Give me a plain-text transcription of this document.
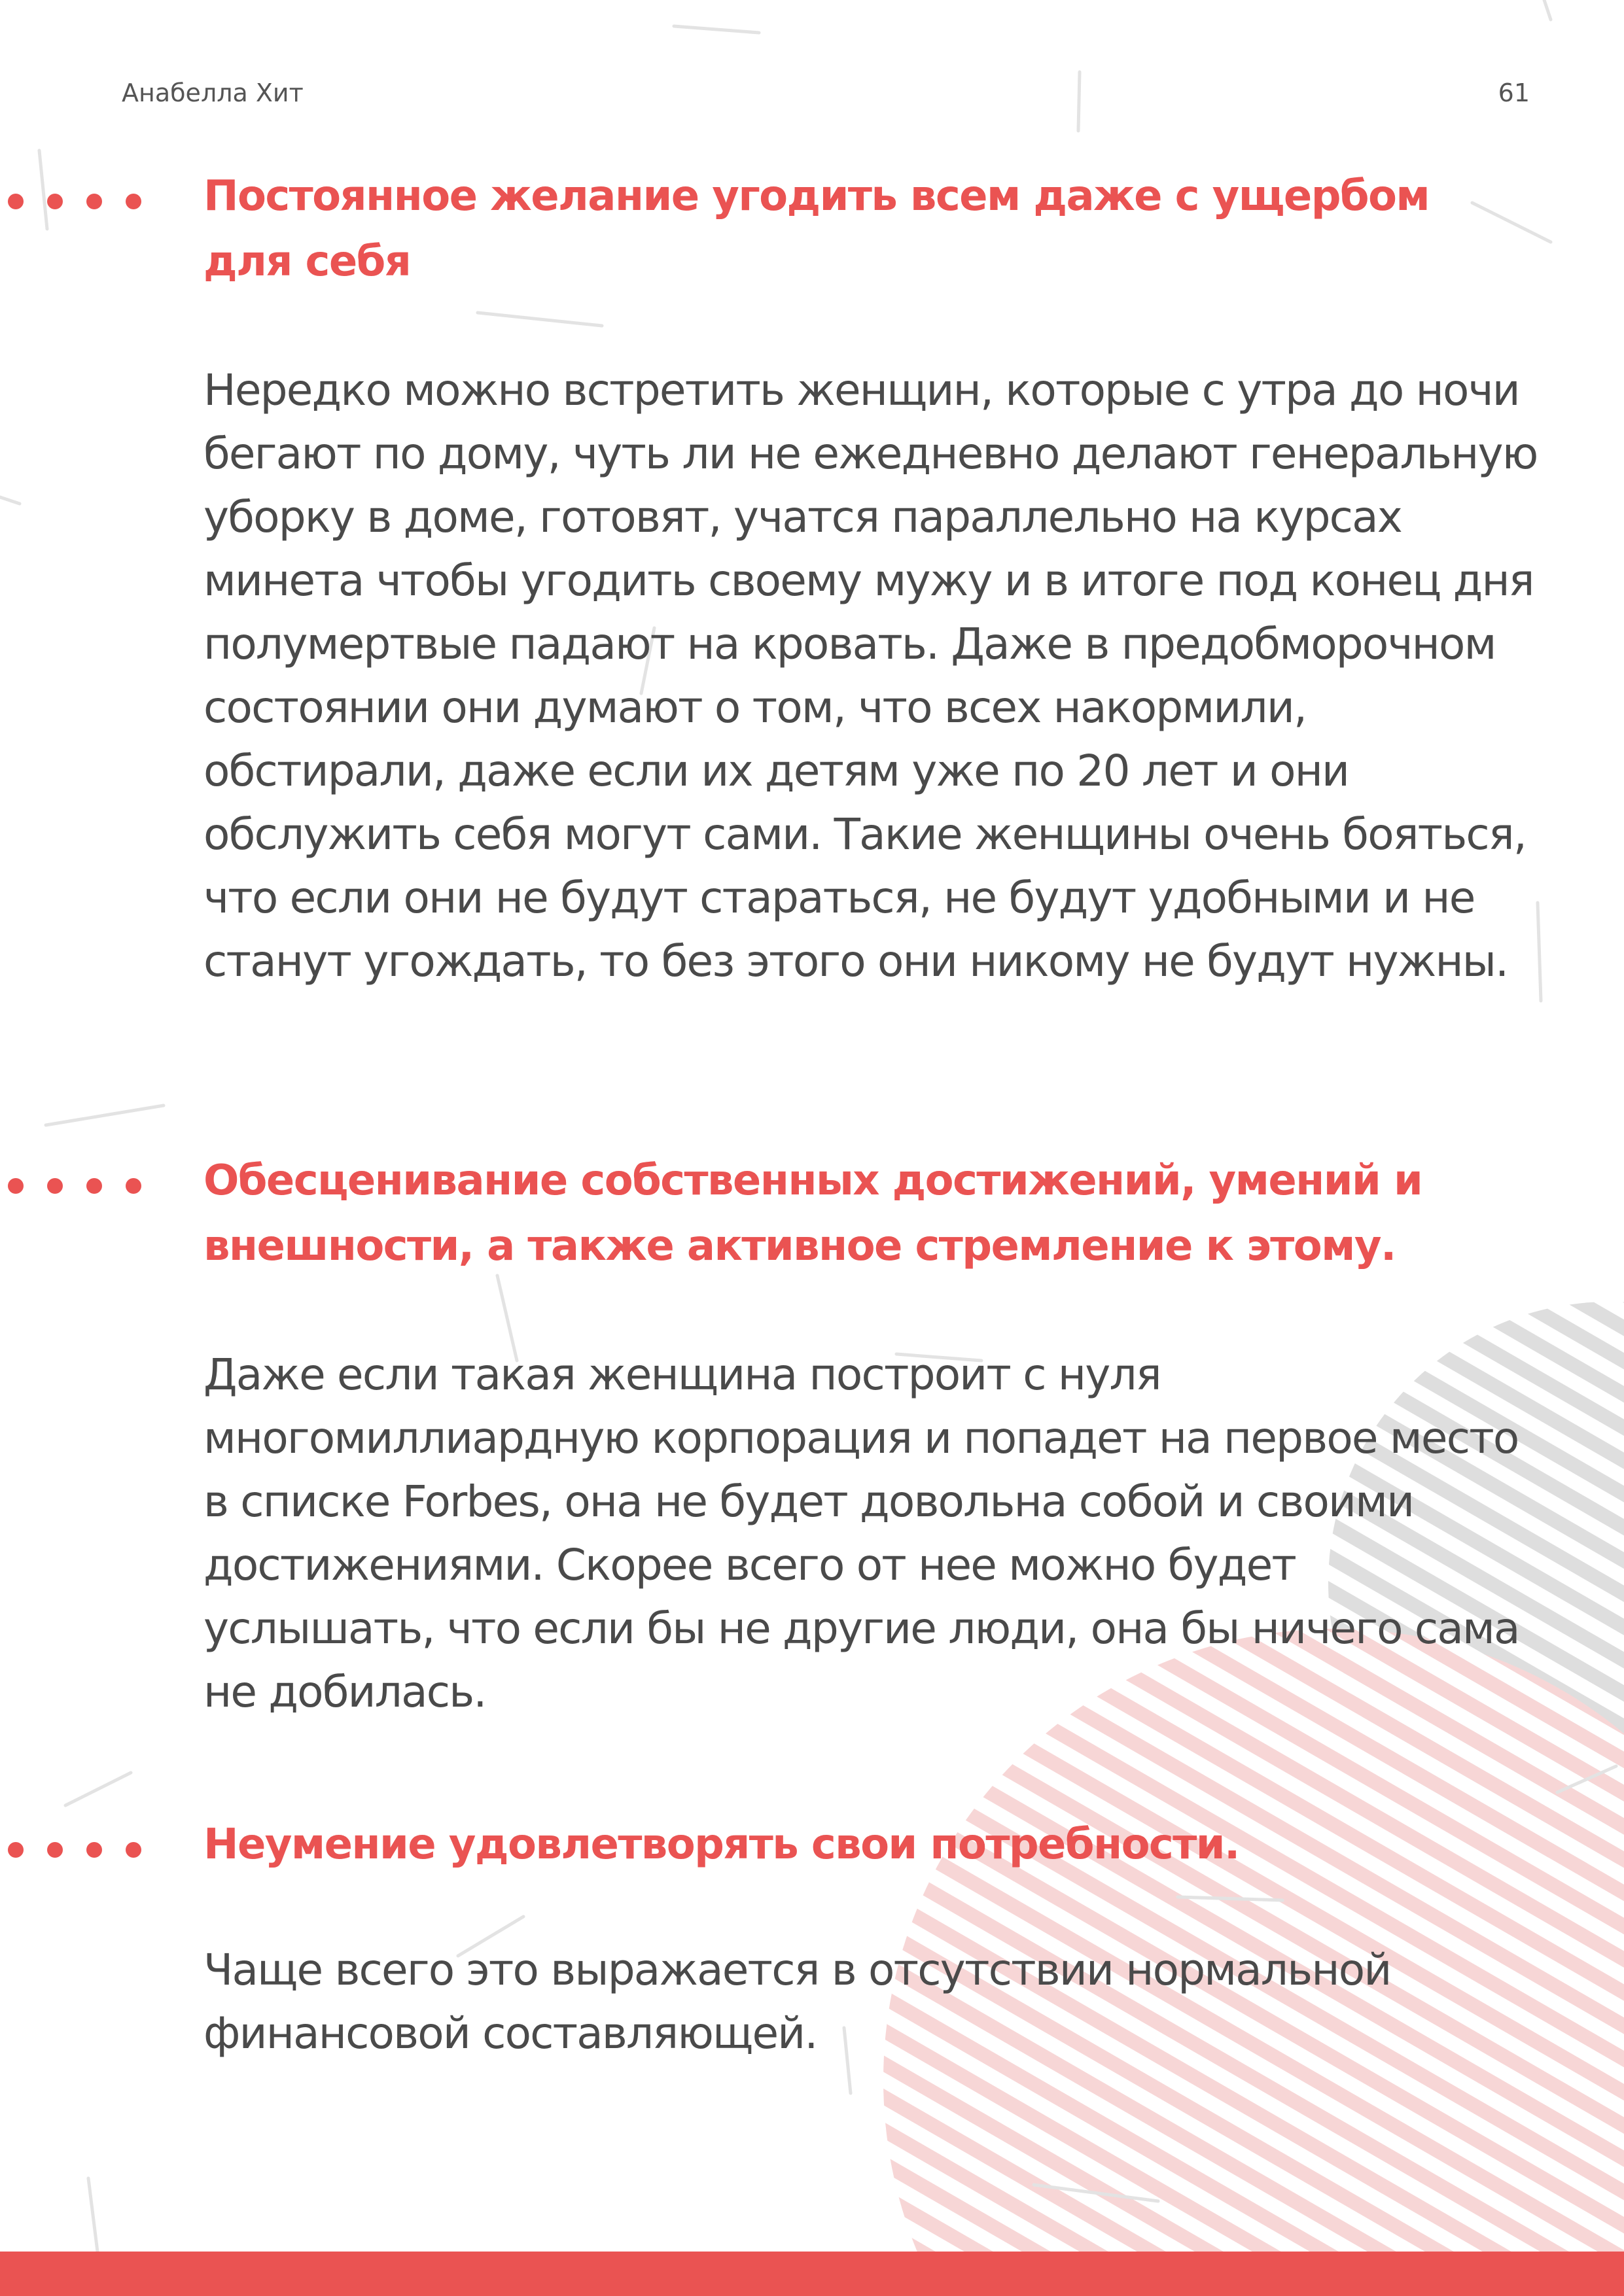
Анабелла Хит	61
Постоянное желание угодить всем даже с ущербом для себя

Нередко можно встретить женщин, которые с утра до ночи бегают по дому, чуть ли не ежедневно делают генеральную уборку в доме, готовят, учатся параллельно на курсах минета чтобы угодить своему мужу и в итоге под конец дня полумертвые падают на кровать. Даже в предобморочном состоянии они думают о том, что всех накормили, обстирали, даже если их детям уже по 20 лет и они обслужить себя могут сами. Такие женщины очень бояться, что если они не будут стараться, не будут удобными и не станут угождать, то без этого они никому не будут нужны.

Обесценивание собственных достижений, умений и внешности, а также активное стремление к этому.

Даже если такая женщина построит с нуля многомиллиардную корпорация и попадет на первое место в списке Forbes, она не будет довольна собой и своими достижениями. Скорее всего от нее можно будет услышать, что если бы не другие люди, она бы ничего сама не добилась.

Неумение удовлетворять свои потребности.

Чаще всего это выражается в отсутствии нормальной финансовой составляющей.
